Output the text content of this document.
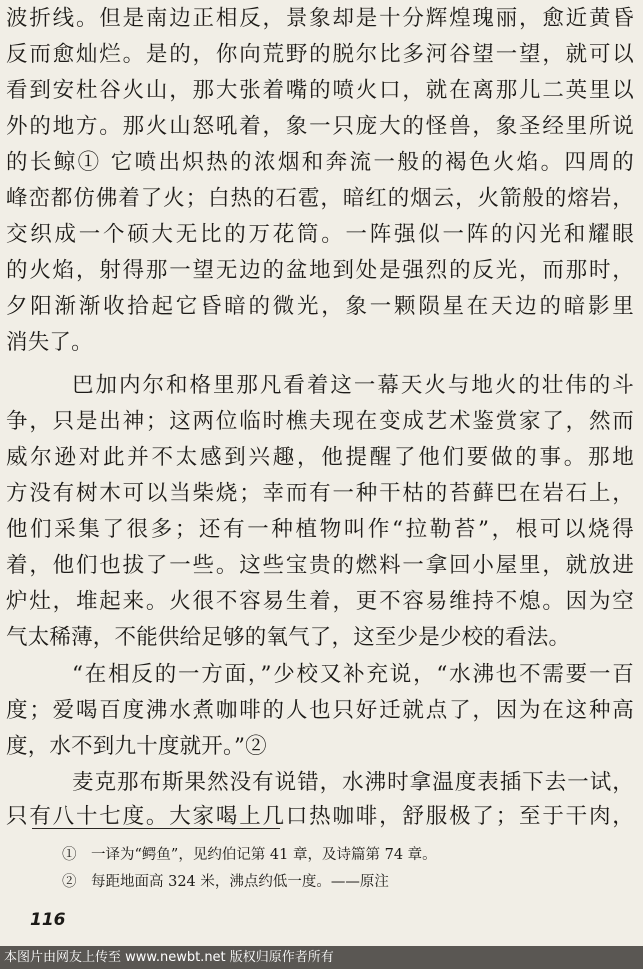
波折线。但是南边正相反，景象却是十分辉煌瑰丽，愈近黄昏
反而愈灿烂。是的，你向荒野的脱尔比多河谷望一望，就可以
看到安杜谷火山，那大张着嘴的喷火口，就在离那儿二英里以
外的地方。那火山怒吼着，象一只庞大的怪兽，象圣经里所说
的长鲸① 它喷出炽热的浓烟和奔流一般的褐色火焰。四周的
峰峦都仿佛着了火；白热的石雹，暗红的烟云，火箭般的熔岩，
交织成一个硕大无比的万花筒。一阵强似一阵的闪光和耀眼
的火焰，射得那一望无边的盆地到处是强烈的反光，而那时，
夕阳渐渐收拾起它昏暗的微光，象一颗陨星在天边的暗影里
消失了。
巴加内尔和格里那凡看着这一幕天火与地火的壮伟的斗
争，只是出神；这两位临时樵夫现在变成艺术鉴赏家了，然而
威尔逊对此并不太感到兴趣，他提醒了他们要做的事。那地
方没有树木可以当柴烧；幸而有一种干枯的苔藓巴在岩石上，
他们采集了很多；还有一种植物叫作“拉勒苔”，根可以烧得
着，他们也拔了一些。这些宝贵的燃料一拿回小屋里，就放进
炉灶，堆起来。火很不容易生着，更不容易维持不熄。因为空
气太稀薄，不能供给足够的氧气了，这至少是少校的看法。
“在相反的一方面，”少校又补充说，“水沸也不需要一百
度；爱喝百度沸水煮咖啡的人也只好迁就点了，因为在这种高
度，水不到九十度就开。”②
麦克那布斯果然没有说错，水沸时拿温度表插下去一试，
只有八十七度。大家喝上几口热咖啡，舒服极了；至于干肉，
①　一译为“鳄鱼”，见约伯记第 41 章，及诗篇第 74 章。
②　每距地面高 324 米，沸点约低一度。——原注
116
本图片由网友上传至 www.newbt.net 版权归原作者所有
